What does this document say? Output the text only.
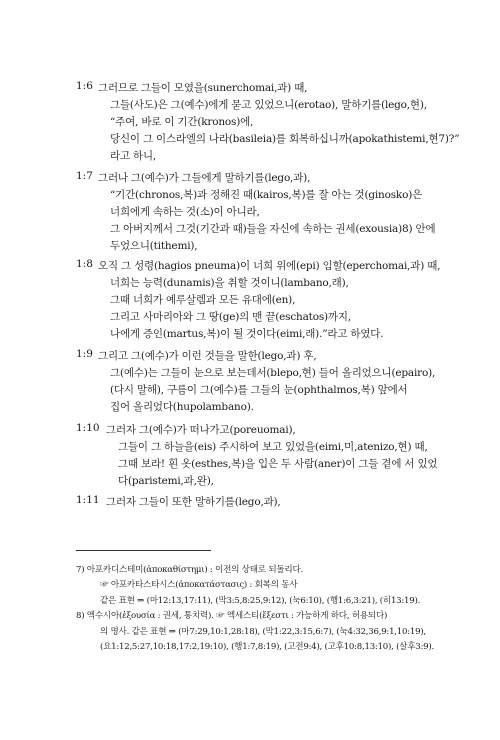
1:6 그러므로 그들이 모였을(sunerchomai,과) 때,
그들(사도)은 그(예수)에게 묻고 있었으니(erotao), 말하기를(lego,현),
“주여, 바로 이 기간(kronos)에,
당신이 그 이스라엘의 나라(basileia)를 회복하십니까(apokathistemi,현7)?”
라고 하니,
1:7 그러나 그(예수)가 그들에게 말하기를(lego,과),
“기간(chronos,복)과 정해진 때(kairos,복)를 잘 아는 것(ginosko)은
너희에게 속하는 것(소)이 아니라,
그 아버지께서 그것(기간과 때)들을 자신에 속하는 권세(exousia)8) 안에
두었으니(tithemi),
1:8 오직 그 성령(hagios pneuma)이 너희 위에(epi) 임할(eperchomai,과) 때,
너희는 능력(dunamis)을 취할 것이니(lambano,래),
그때 너희가 예루살렘과 모든 유대에(en),
그리고 사마리아와 그 땅(ge)의 맨 끝(eschatos)까지,
나에게 증인(martus,복)이 될 것이다(eimi,래).”라고 하였다.
1:9 그리고 그(예수)가 이런 것들을 말한(lego,과) 후,
그(예수)는 그들이 눈으로 보는데서(blepo,현) 들어 올리었으니(epairo),
(다시 말해), 구름이 그(예수)를 그들의 눈(ophthalmos,복) 앞에서
집어 올리었다(hupolambano).
1:10 그러자 그(예수)가 떠나가고(poreuomai),
그들이 그 하늘을(eis) 주시하여 보고 있었을(eimi,미,atenizo,현) 때,
그때 보라! 흰 옷(esthes,복)을 입은 두 사람(aner)이 그들 곁에 서 있었
다(paristemi,과,완),
1:11 그러자 그들이 또한 말하기를(lego,과),
7) 아포카디스테미(ἀποκαθίστημι) : 이전의 상태로 되돌리다.
☞ 아포카타스타시스(ἀποκατάστασις) : 회복의 동사
같은 표현 ⇒ (마12:13,17:11), (막3:5,8:25,9:12), (눅6:10), (행1:6,3:21), (히13:19).
8) 엑수시아(ἐξουσία : 권세, 통치력). ☞ 엑세스티(ἔξεστι : 가능하게 하다, 허용되다)
의 명사. 같은 표현 ⇒ (마7:29,10:1,28:18), (막1:22,3:15,6:7), (눅4:32,36,9:1,10:19),
(요1:12,5:27,10:18,17:2,19:10), (행1:7,8:19), (고전9:4), (고후10:8,13:10), (살후3:9).
